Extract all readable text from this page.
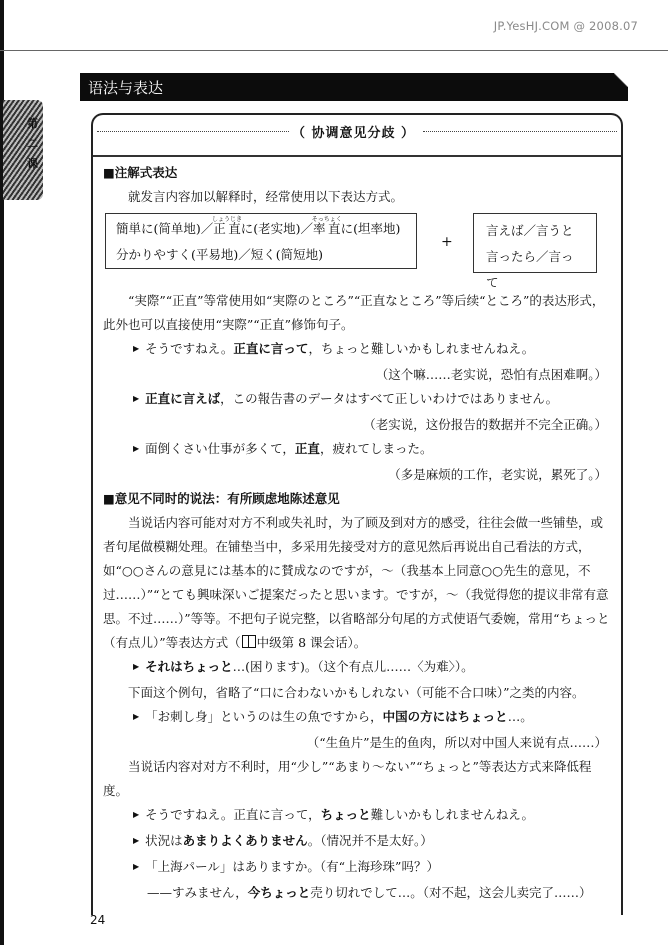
JP.YesHJ.COM @ 2008.07
第二课
语法与表达
（ 协调意见分歧 ）
■注解式表达
就发言内容加以解释时，经常使用以下表达方式。
簡単に(简单地)／正直しょうじきに(老实地)／率直そっちょくに(坦率地)
分かりやすく(平易地)／短く(简短地)
+
言えば／言うと
言ったら／言って
“実際”“正直”等常使用如“実際のところ”“正直なところ”等后续“ところ”的表达形式，此外也可以直接使用“実際”“正直”修饰句子。
▶ そうですねえ。正直に言って，ちょっと難しいかもしれませんねえ。
（这个嘛……老实说，恐怕有点困难啊。）
▶ 正直に言えば，この報告書のデータはすべて正しいわけではありません。
（老实说，这份报告的数据并不完全正确。）
▶ 面倒くさい仕事が多くて，正直，疲れてしまった。
（多是麻烦的工作，老实说，累死了。）
■意见不同时的说法：有所顾虑地陈述意见
当说话内容可能对对方不利或失礼时，为了顾及到对方的感受，往往会做一些铺垫，或者句尾做模糊处理。在铺垫当中，多采用先接受对方的意见然后再说出自己看法的方式，如“○○さんの意見には基本的に賛成なのですが，～（我基本上同意○○先生的意见，不过……）”“とても興味深いご提案だったと思います。ですが，～（我觉得您的提议非常有意思。不过……）”等等。不把句子说完整，以省略部分句尾的方式使语气委婉，常用“ちょっと（有点儿）”等表达方式（ 中级第 8 课会话）。
▶ それはちょっと…(困ります)。（这个有点儿……〈为难〉）。
下面这个例句，省略了“口に合わないかもしれない（可能不合口味）”之类的内容。
▶ 「お刺し身」というのは生の魚ですから，中国の方にはちょっと…。
（“生鱼片”是生的鱼肉，所以对中国人来说有点……）
当说话内容对对方不利时，用“少し”“あまり～ない”“ちょっと”等表达方式来降低程度。
▶ そうですねえ。正直に言って，ちょっと難しいかもしれませんねえ。
▶ 状況はあまりよくありません。（情况并不是太好。）
▶ 「上海パール」はありますか。（有“上海珍珠”吗？）
——すみません，今ちょっと売り切れでして…。（对不起，这会儿卖完了……）
24
